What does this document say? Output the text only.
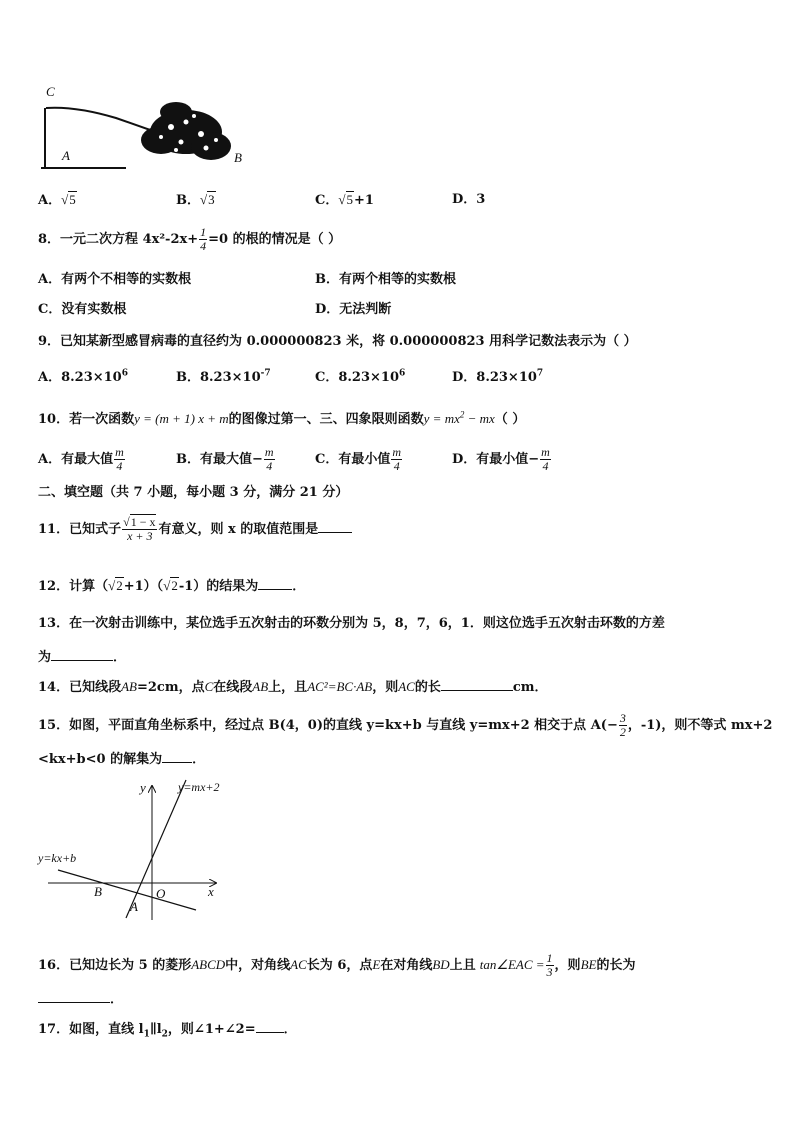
C
A	B
A．√5	B．√3	C．√5+1	D．3
8．一元二次方程 $4x^2-2x+ \frac{1}{4} =0$ 的根的情况是（ ）
A．有两个不相等的实数根	B．有两个相等的实数根
C．没有实数根	D．无法判断
9．已知某新型感冒病毒的直径约为 0.000000823 米，将 0.000000823 用科学记数法表示为（ ）
A．$8.23\times 10^6$	B．$8.23\times 10^{-7}$	C．$8.23\times 10^6$	D．$8.23\times 10^7$
10．若一次函数y = (m + 1) x + m的图像过第一、三、四象限则函数$y = mx^2 - mx$（ ）
A．有最大值 $\frac{m}{4}$	B．有最大值− $\frac{m}{4}$	C．有最小值 $\frac{m}{4}$	D．有最小值− $\frac{m}{4}$
二、填空题（共 7 小题，每小题 3 分，满分 21 分）
11．已知式子 $\frac{√1 - x}{x + 3}$ 有意义，则 x 的取值范围是
12．计算（√2+1）（√2-1）的结果为	．
13．在一次射击训练中，某位选手五次射击的环数分别为 5，8，7，6，1．则这位选手五次射击环数的方差
为	．
14．已知线段AB=2cm，点C在线段AB上，且AC²=BC·AB，则AC的长	cm．
15．如图，平面直角坐标系中，经过点 B(4，0)的直线 y=kx+b 与直线 y=mx+2 相交于点 $A(- \frac{3}{2}$ ，-1)，则不等式 mx+2
<kx+b<0 的解集为 ．
y
x
O
A
B
y=mx+2
y=kx+b
16．已知边长为 5 的菱形ABCD中，对角线AC长为 6，点E在对角线BD上且 tan∠EAC = $\frac{1}{3}$ ，则BE的长为
．
17．如图，直线 $l_1\parallel l_2$，则∠1+∠2= ．
